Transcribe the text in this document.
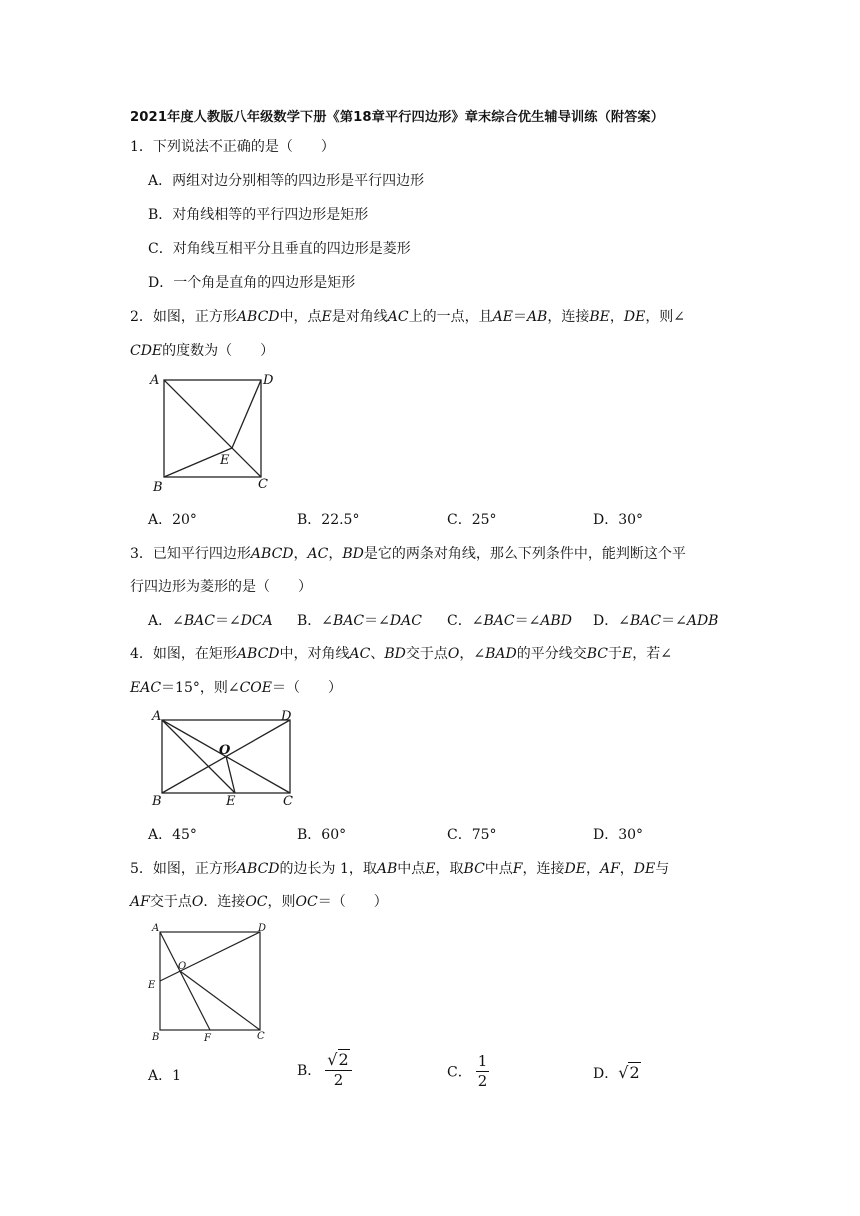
2021年度人教版八年级数学下册《第18章平行四边形》章末综合优生辅导训练（附答案）
1．下列说法不正确的是（　　）
A．两组对边分别相等的四边形是平行四边形
B．对角线相等的平行四边形是矩形
C．对角线互相平分且垂直的四边形是菱形
D．一个角是直角的四边形是矩形
2．如图，正方形ABCD中，点E是对角线AC上的一点，且AE＝AB，连接BE，DE，则∠
CDE的度数为（　　）
A	D
B	C
E
A．20°	B．22.5°	C．25°	D．30°
3．已知平行四边形ABCD，AC，BD是它的两条对角线，那么下列条件中，能判断这个平
行四边形为菱形的是（　　）
A．∠BAC＝∠DCA B．∠BAC＝∠DAC C．∠BAC＝∠ABD D．∠BAC＝∠ADB
4．如图，在矩形ABCD中，对角线AC、BD交于点O，∠BAD的平分线交BC于E，若∠
EAC＝15°，则∠COE＝（　　）
A	D
B	C
E
O
A．45°	B．60°	C．75°	D．30°
5．如图，正方形ABCD的边长为 1，取AB中点E，取BC中点F，连接DE，AF，DE与
AF交于点O．连接OC，则OC＝（　　）
A	D
E
B	F	C
O
A．1	B． $\frac{√2}{2}$	C． $\frac{1}{2}$	D．√2
